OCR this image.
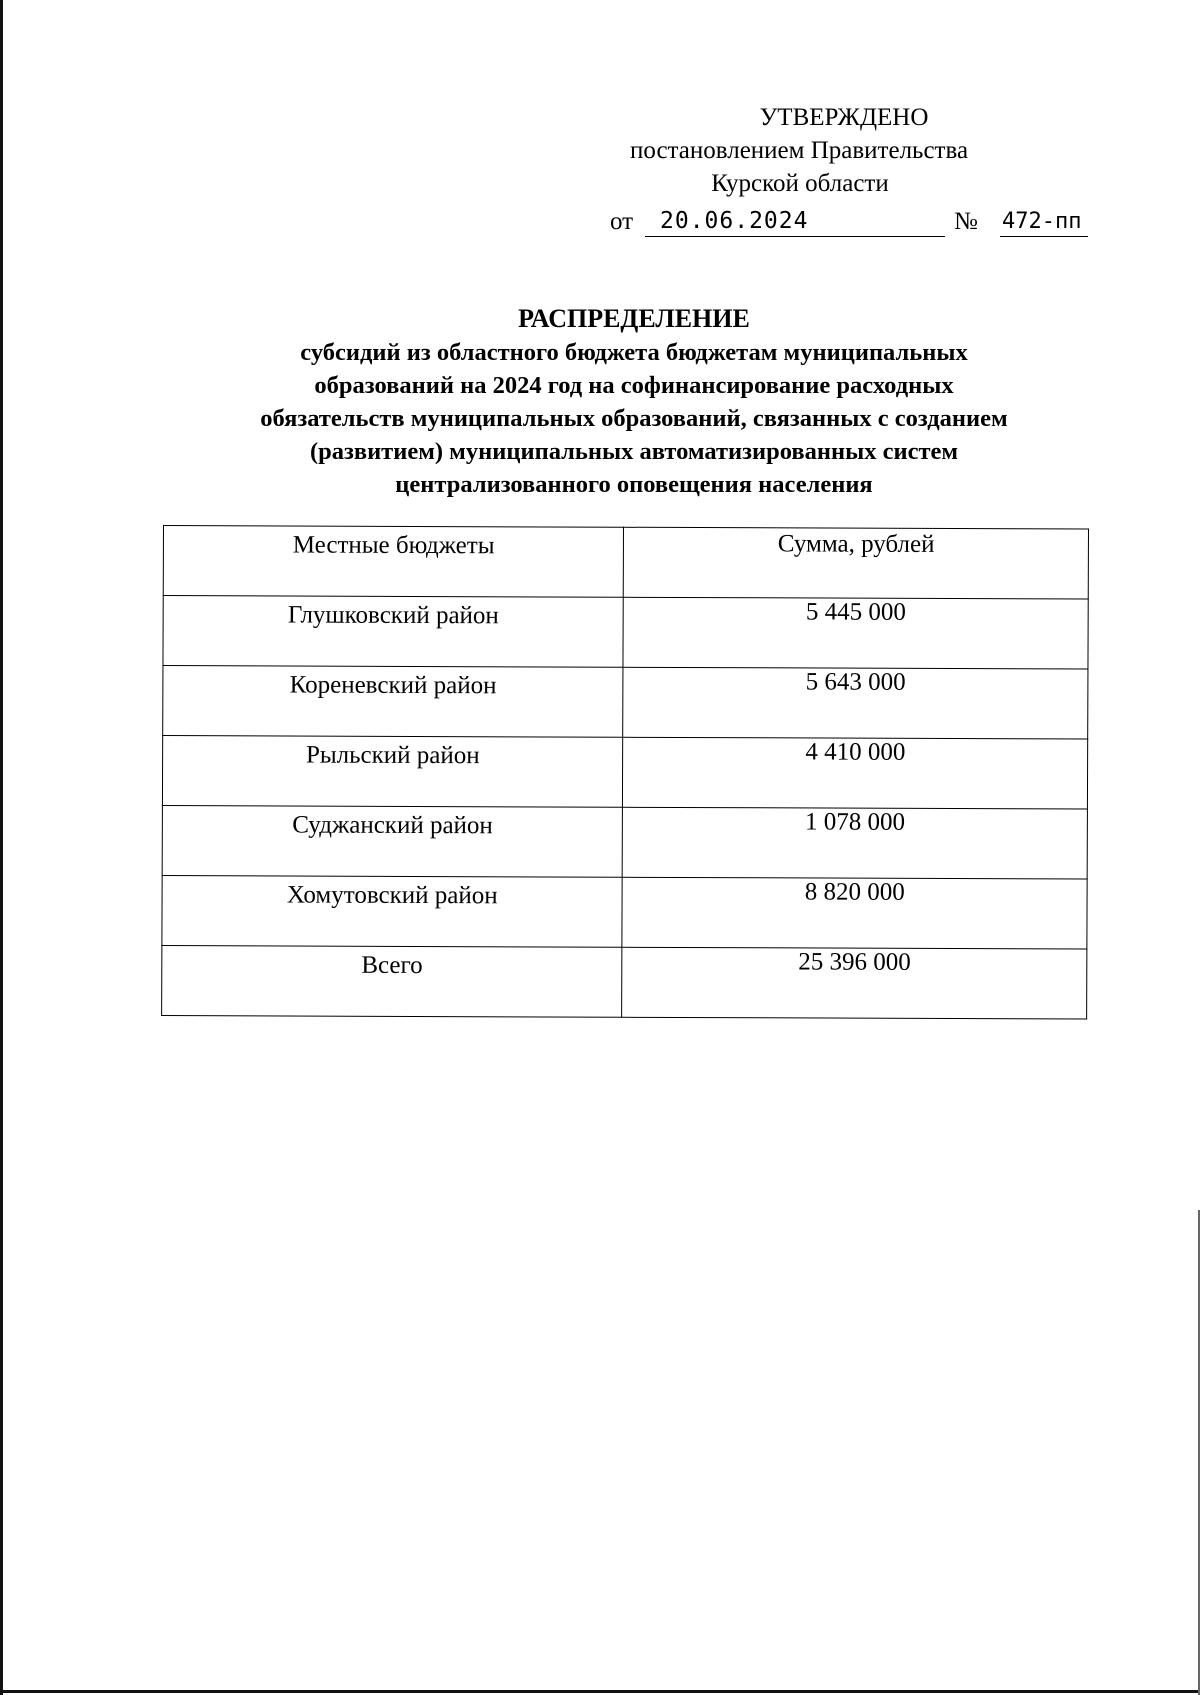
УТВЕРЖДЕНО
постановлением Правительства
Курской области
от 20.06.2024	№ 472-пп
РАСПРЕДЕЛЕНИЕ
субсидий из областного бюджета бюджетам муниципальных
образований на 2024 год на софинансирование расходных
обязательств муниципальных образований, связанных с созданием
(развитием) муниципальных автоматизированных систем
централизованного оповещения населения
Местные бюджеты	Сумма, рублей
Глушковский район	5 445 000
Кореневский район	5 643 000
Рыльский район	4 410 000
Суджанский район	1 078 000
Хомутовский район	8 820 000
Всего	25 396 000
